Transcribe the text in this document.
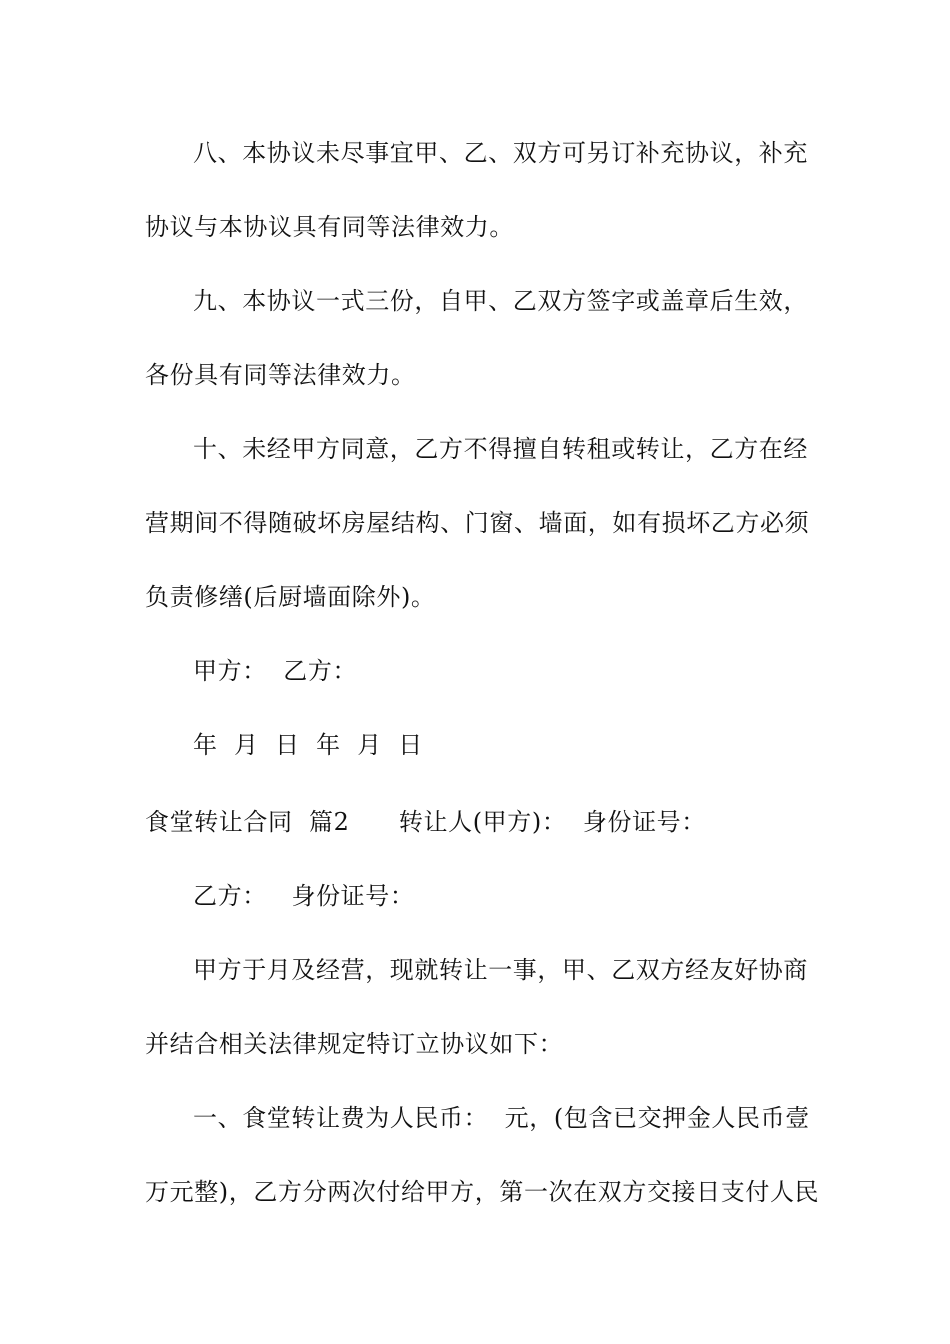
八、本协议未尽事宜甲、乙、双方可另订补充协议，补充
协议与本协议具有同等法律效力。
九、本协议一式三份，自甲、乙双方签字或盖章后生效，
各份具有同等法律效力。
十、未经甲方同意，乙方不得擅自转租或转让，乙方在经
营期间不得随破坏房屋结构、门窗、墙面，如有损坏乙方必须
负责修缮(后厨墙面除外)。
甲方：  乙方：
年  月  日  年  月  日
食堂转让合同  篇2      转让人(甲方)：  身份证号：
乙方：   身份证号：
甲方于月及经营，现就转让一事，甲、乙双方经友好协商
并结合相关法律规定特订立协议如下：
一、食堂转让费为人民币：  元，(包含已交押金人民币壹
万元整)，乙方分两次付给甲方，第一次在双方交接日支付人民
